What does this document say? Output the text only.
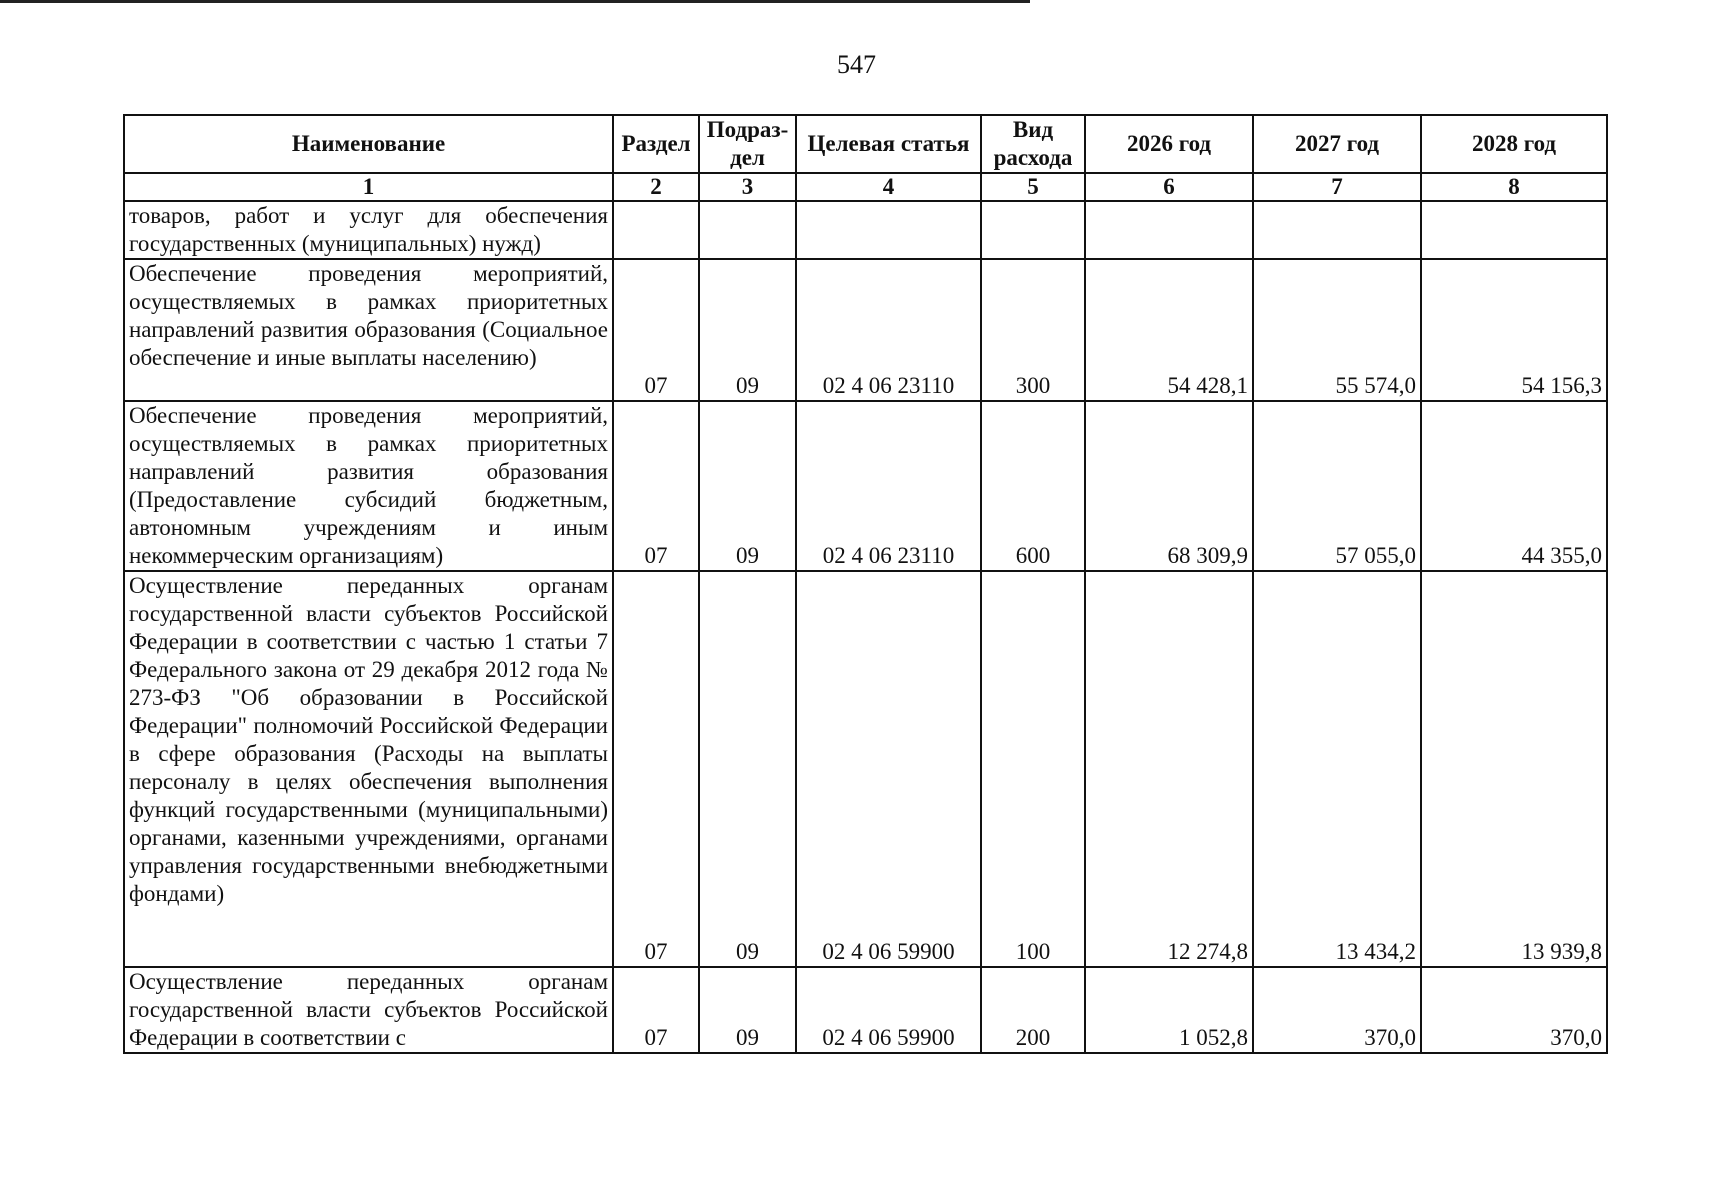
547
Наименование	Раздел	Подраз-дел	Целевая статья	Вид расхода	2026 год	2027 год	2028 год
1	2	3	4	5	6	7	8
товаров, работ и услуг для обеспечения государственных (муниципальных) нужд)							
Обеспечение проведения мероприятий, осуществляемых в рамках приоритетных направлений развития образования (Социальное обеспечение и иные выплаты населению)	07	09	02 4 06 23110	300	54 428,1	55 574,0	54 156,3
Обеспечение проведения мероприятий, осуществляемых в рамках приоритетных направлений развития образования (Предоставление субсидий бюджетным, автономным учреждениям и иным некоммерческим организациям)	07	09	02 4 06 23110	600	68 309,9	57 055,0	44 355,0
Осуществление переданных органам государственной власти субъектов Российской Федерации в соответствии с частью 1 статьи 7 Федерального закона от 29 декабря 2012 года № 273-ФЗ "Об образовании в Российской Федерации" полномочий Российской Федерации в сфере образования (Расходы на выплаты персоналу в целях обеспечения выполнения функций государственными (муниципальными) органами, казенными учреждениями, органами управления государственными внебюджетными фондами)	07	09	02 4 06 59900	100	12 274,8	13 434,2	13 939,8
Осуществление переданных органам государственной власти субъектов Российской Федерации в соответствии с	07	09	02 4 06 59900	200	1 052,8	370,0	370,0
